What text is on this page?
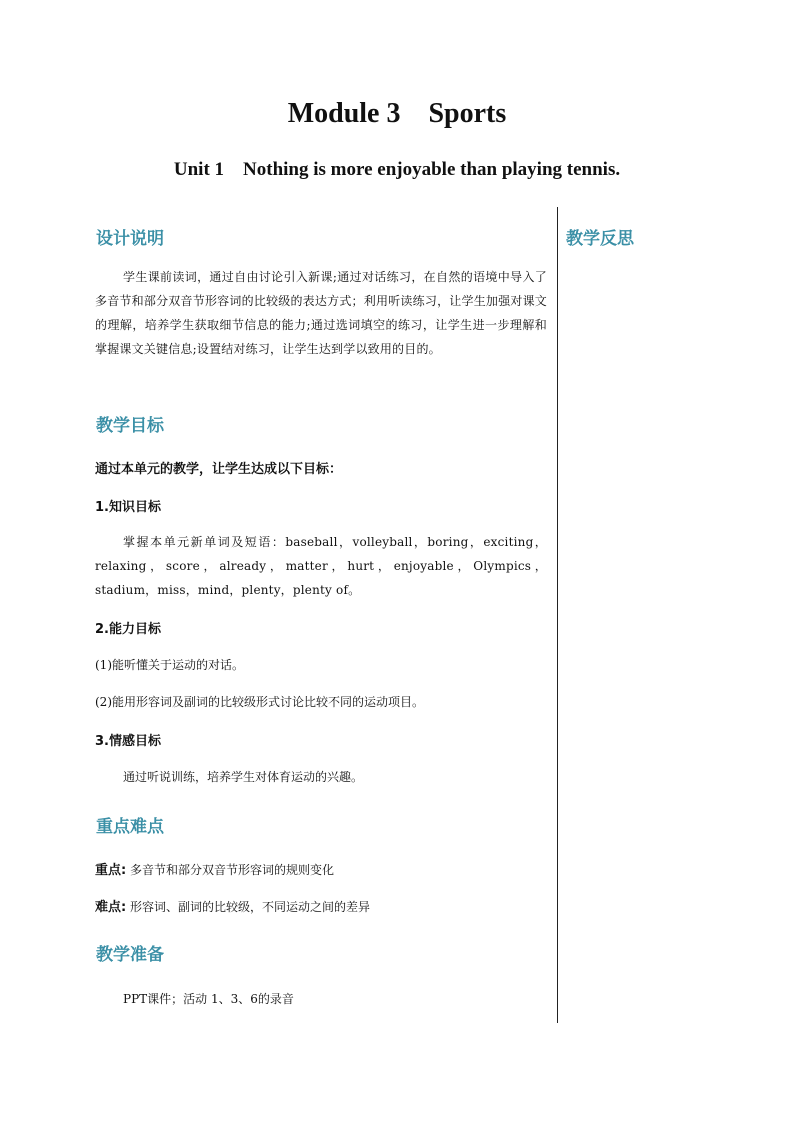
Module 3    Sports
Unit 1    Nothing is more enjoyable than playing tennis.
教学反思
设计说明
学生课前读词，通过自由讨论引入新课;通过对话练习，在自然的语境中导入了多音节和部分双音节形容词的比较级的表达方式；利用听读练习，让学生加强对课文的理解，培养学生获取细节信息的能力;通过选词填空的练习，让学生进一步理解和掌握课文关键信息;设置结对练习，让学生达到学以致用的目的。
教学目标
通过本单元的教学，让学生达成以下目标：
1.知识目标
掌握本单元新单词及短语：baseball，volleyball，boring，exciting，relaxing，score，already，matter，hurt，enjoyable，Olympics，stadium，miss，mind，plenty，plenty of。
2.能力目标
(1)能听懂关于运动的对话。
(2)能用形容词及副词的比较级形式讨论比较不同的运动项目。
3.情感目标
通过听说训练，培养学生对体育运动的兴趣。
重点难点
重点: 多音节和部分双音节形容词的规则变化
难点: 形容词、副词的比较级，不同运动之间的差异
教学准备
PPT课件；活动 1、3、6的录音
